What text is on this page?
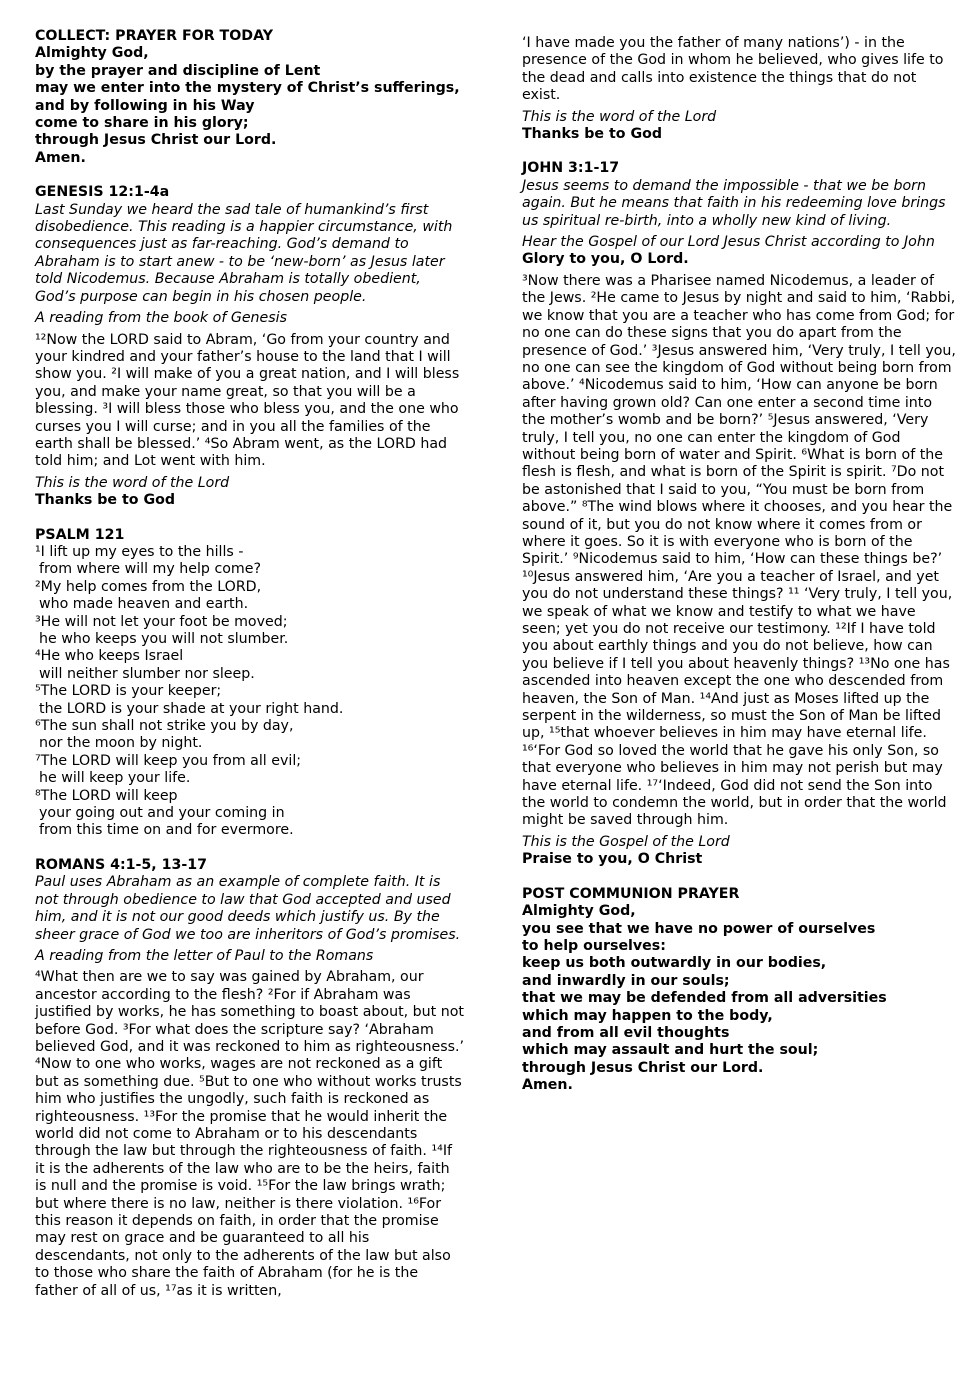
COLLECT: PRAYER FOR TODAY
Almighty God,
by the prayer and discipline of Lent
may we enter into the mystery of Christ’s sufferings,
and by following in his Way
come to share in his glory;
through Jesus Christ our Lord.
Amen.
GENESIS 12:1-4a

Last Sunday we heard the sad tale of humankind’s first disobedience. This reading is a happier circumstance, with consequences just as far-reaching. God’s demand to Abraham is to start anew - to be ‘new-born’ as Jesus later told Nicodemus. Because Abraham is totally obedient, God’s purpose can begin in his chosen people.

A reading from the book of Genesis

¹²Now the LORD said to Abram, ‘Go from your country and your kindred and your father’s house to the land that I will show you. ²I will make of you a great nation, and I will bless you, and make your name great, so that you will be a blessing. ³I will bless those who bless you, and the one who curses you I will curse; and in you all the families of the earth shall be blessed.’ ⁴So Abram went, as the LORD had told him; and Lot went with him.

This is the word of the Lord
Thanks be to God
PSALM 121
¹I lift up my eyes to the hills -
from where will my help come?
²My help comes from the LORD,
who made heaven and earth.
³He will not let your foot be moved;
he who keeps you will not slumber.
⁴He who keeps Israel
will neither slumber nor sleep.
⁵The LORD is your keeper;
the LORD is your shade at your right hand.
⁶The sun shall not strike you by day,
nor the moon by night.
⁷The LORD will keep you from all evil;
he will keep your life.
⁸The LORD will keep
your going out and your coming in
from this time on and for evermore.
ROMANS 4:1-5, 13-17

Paul uses Abraham as an example of complete faith. It is not through obedience to law that God accepted and used him, and it is not our good deeds which justify us. By the sheer grace of God we too are inheritors of God’s promises.

A reading from the letter of Paul to the Romans

⁴What then are we to say was gained by Abraham, our ancestor according to the flesh? ²For if Abraham was justified by works, he has something to boast about, but not before God. ³For what does the scripture say? ‘Abraham believed God, and it was reckoned to him as righteousness.’ ⁴Now to one who works, wages are not reckoned as a gift but as something due. ⁵But to one who without works trusts him who justifies the ungodly, such faith is reckoned as righteousness. ¹³For the promise that he would inherit the world did not come to Abraham or to his descendants through the law but through the righteousness of faith. ¹⁴If it is the adherents of the law who are to be the heirs, faith is null and the promise is void. ¹⁵For the law brings wrath; but where there is no law, neither is there violation. ¹⁶For this reason it depends on faith, in order that the promise may rest on grace and be guaranteed to all his descendants, not only to the adherents of the law but also to those who share the faith of Abraham (for he is the father of all of us, ¹⁷as it is written,

‘I have made you the father of many nations’) - in the presence of the God in whom he believed, who gives life to the dead and calls into existence the things that do not exist.

This is the word of the Lord
Thanks be to God
JOHN 3:1-17

Jesus seems to demand the impossible - that we be born again. But he means that faith in his redeeming love brings us spiritual re-birth, into a wholly new kind of living.

Hear the Gospel of our Lord Jesus Christ according to John

Glory to you, O Lord.

³Now there was a Pharisee named Nicodemus, a leader of the Jews. ²He came to Jesus by night and said to him, ‘Rabbi, we know that you are a teacher who has come from God; for no one can do these signs that you do apart from the presence of God.’ ³Jesus answered him, ‘Very truly, I tell you, no one can see the kingdom of God without being born from above.’ ⁴Nicodemus said to him, ‘How can anyone be born after having grown old? Can one enter a second time into the mother’s womb and be born?’ ⁵Jesus answered, ‘Very truly, I tell you, no one can enter the kingdom of God without being born of water and Spirit. ⁶What is born of the flesh is flesh, and what is born of the Spirit is spirit. ⁷Do not be astonished that I said to you, “You must be born from above.” ⁸The wind blows where it chooses, and you hear the sound of it, but you do not know where it comes from or where it goes. So it is with everyone who is born of the Spirit.’ ⁹Nicodemus said to him, ‘How can these things be?’ ¹⁰Jesus answered him, ‘Are you a teacher of Israel, and yet you do not understand these things? ¹¹ ‘Very truly, I tell you, we speak of what we know and testify to what we have seen; yet you do not receive our testimony. ¹²If I have told you about earthly things and you do not believe, how can you believe if I tell you about heavenly things? ¹³No one has ascended into heaven except the one who descended from heaven, the Son of Man. ¹⁴And just as Moses lifted up the serpent in the wilderness, so must the Son of Man be lifted up, ¹⁵that whoever believes in him may have eternal life. ¹⁶‘For God so loved the world that he gave his only Son, so that everyone who believes in him may not perish but may have eternal life. ¹⁷‘Indeed, God did not send the Son into the world to condemn the world, but in order that the world might be saved through him.

This is the Gospel of the Lord
Praise to you, O Christ
POST COMMUNION PRAYER
Almighty God,
you see that we have no power of ourselves
to help ourselves:
keep us both outwardly in our bodies,
and inwardly in our souls;
that we may be defended from all adversities
which may happen to the body,
and from all evil thoughts
which may assault and hurt the soul;
through Jesus Christ our Lord.
Amen.
